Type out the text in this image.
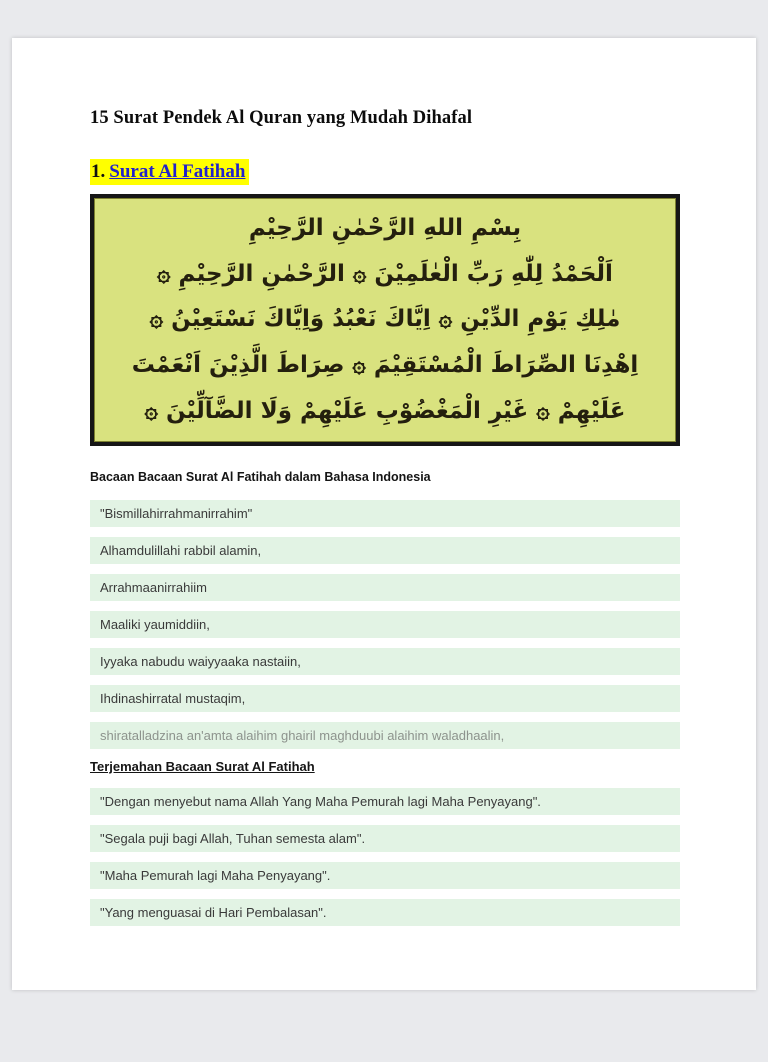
15 Surat Pendek Al Quran yang Mudah Dihafal
1. Surat Al Fatihah
بِسْمِ اللهِ الرَّحْمٰنِ الرَّحِيْمِ
اَلْحَمْدُ لِلّٰهِ رَبِّ الْعٰلَمِيْنَ ۞ الرَّحْمٰنِ الرَّحِيْمِ ۞
مٰلِكِ يَوْمِ الدِّيْنِ ۞ اِيَّاكَ نَعْبُدُ وَاِيَّاكَ نَسْتَعِيْنُ ۞
اِهْدِنَا الصِّرَاطَ الْمُسْتَقِيْمَ ۞ صِرَاطَ الَّذِيْنَ اَنْعَمْتَ
عَلَيْهِمْ ۞ غَيْرِ الْمَغْضُوْبِ عَلَيْهِمْ وَلَا الضَّآلِّيْنَ ۞
Bacaan Bacaan Surat Al Fatihah dalam Bahasa Indonesia

"Bismillahirrahmanirrahim"

Alhamdulillahi rabbil alamin,

Arrahmaanirrahiim

Maaliki yaumiddiin,

Iyyaka nabudu waiyyaaka nastaiin,

Ihdinashirratal mustaqim,

shiratalladzina an'amta alaihim ghairil maghduubi alaihim waladhaalin,

Terjemahan Bacaan Surat Al Fatihah

"Dengan menyebut nama Allah Yang Maha Pemurah lagi Maha Penyayang".

"Segala puji bagi Allah, Tuhan semesta alam".

"Maha Pemurah lagi Maha Penyayang".

"Yang menguasai di Hari Pembalasan".
